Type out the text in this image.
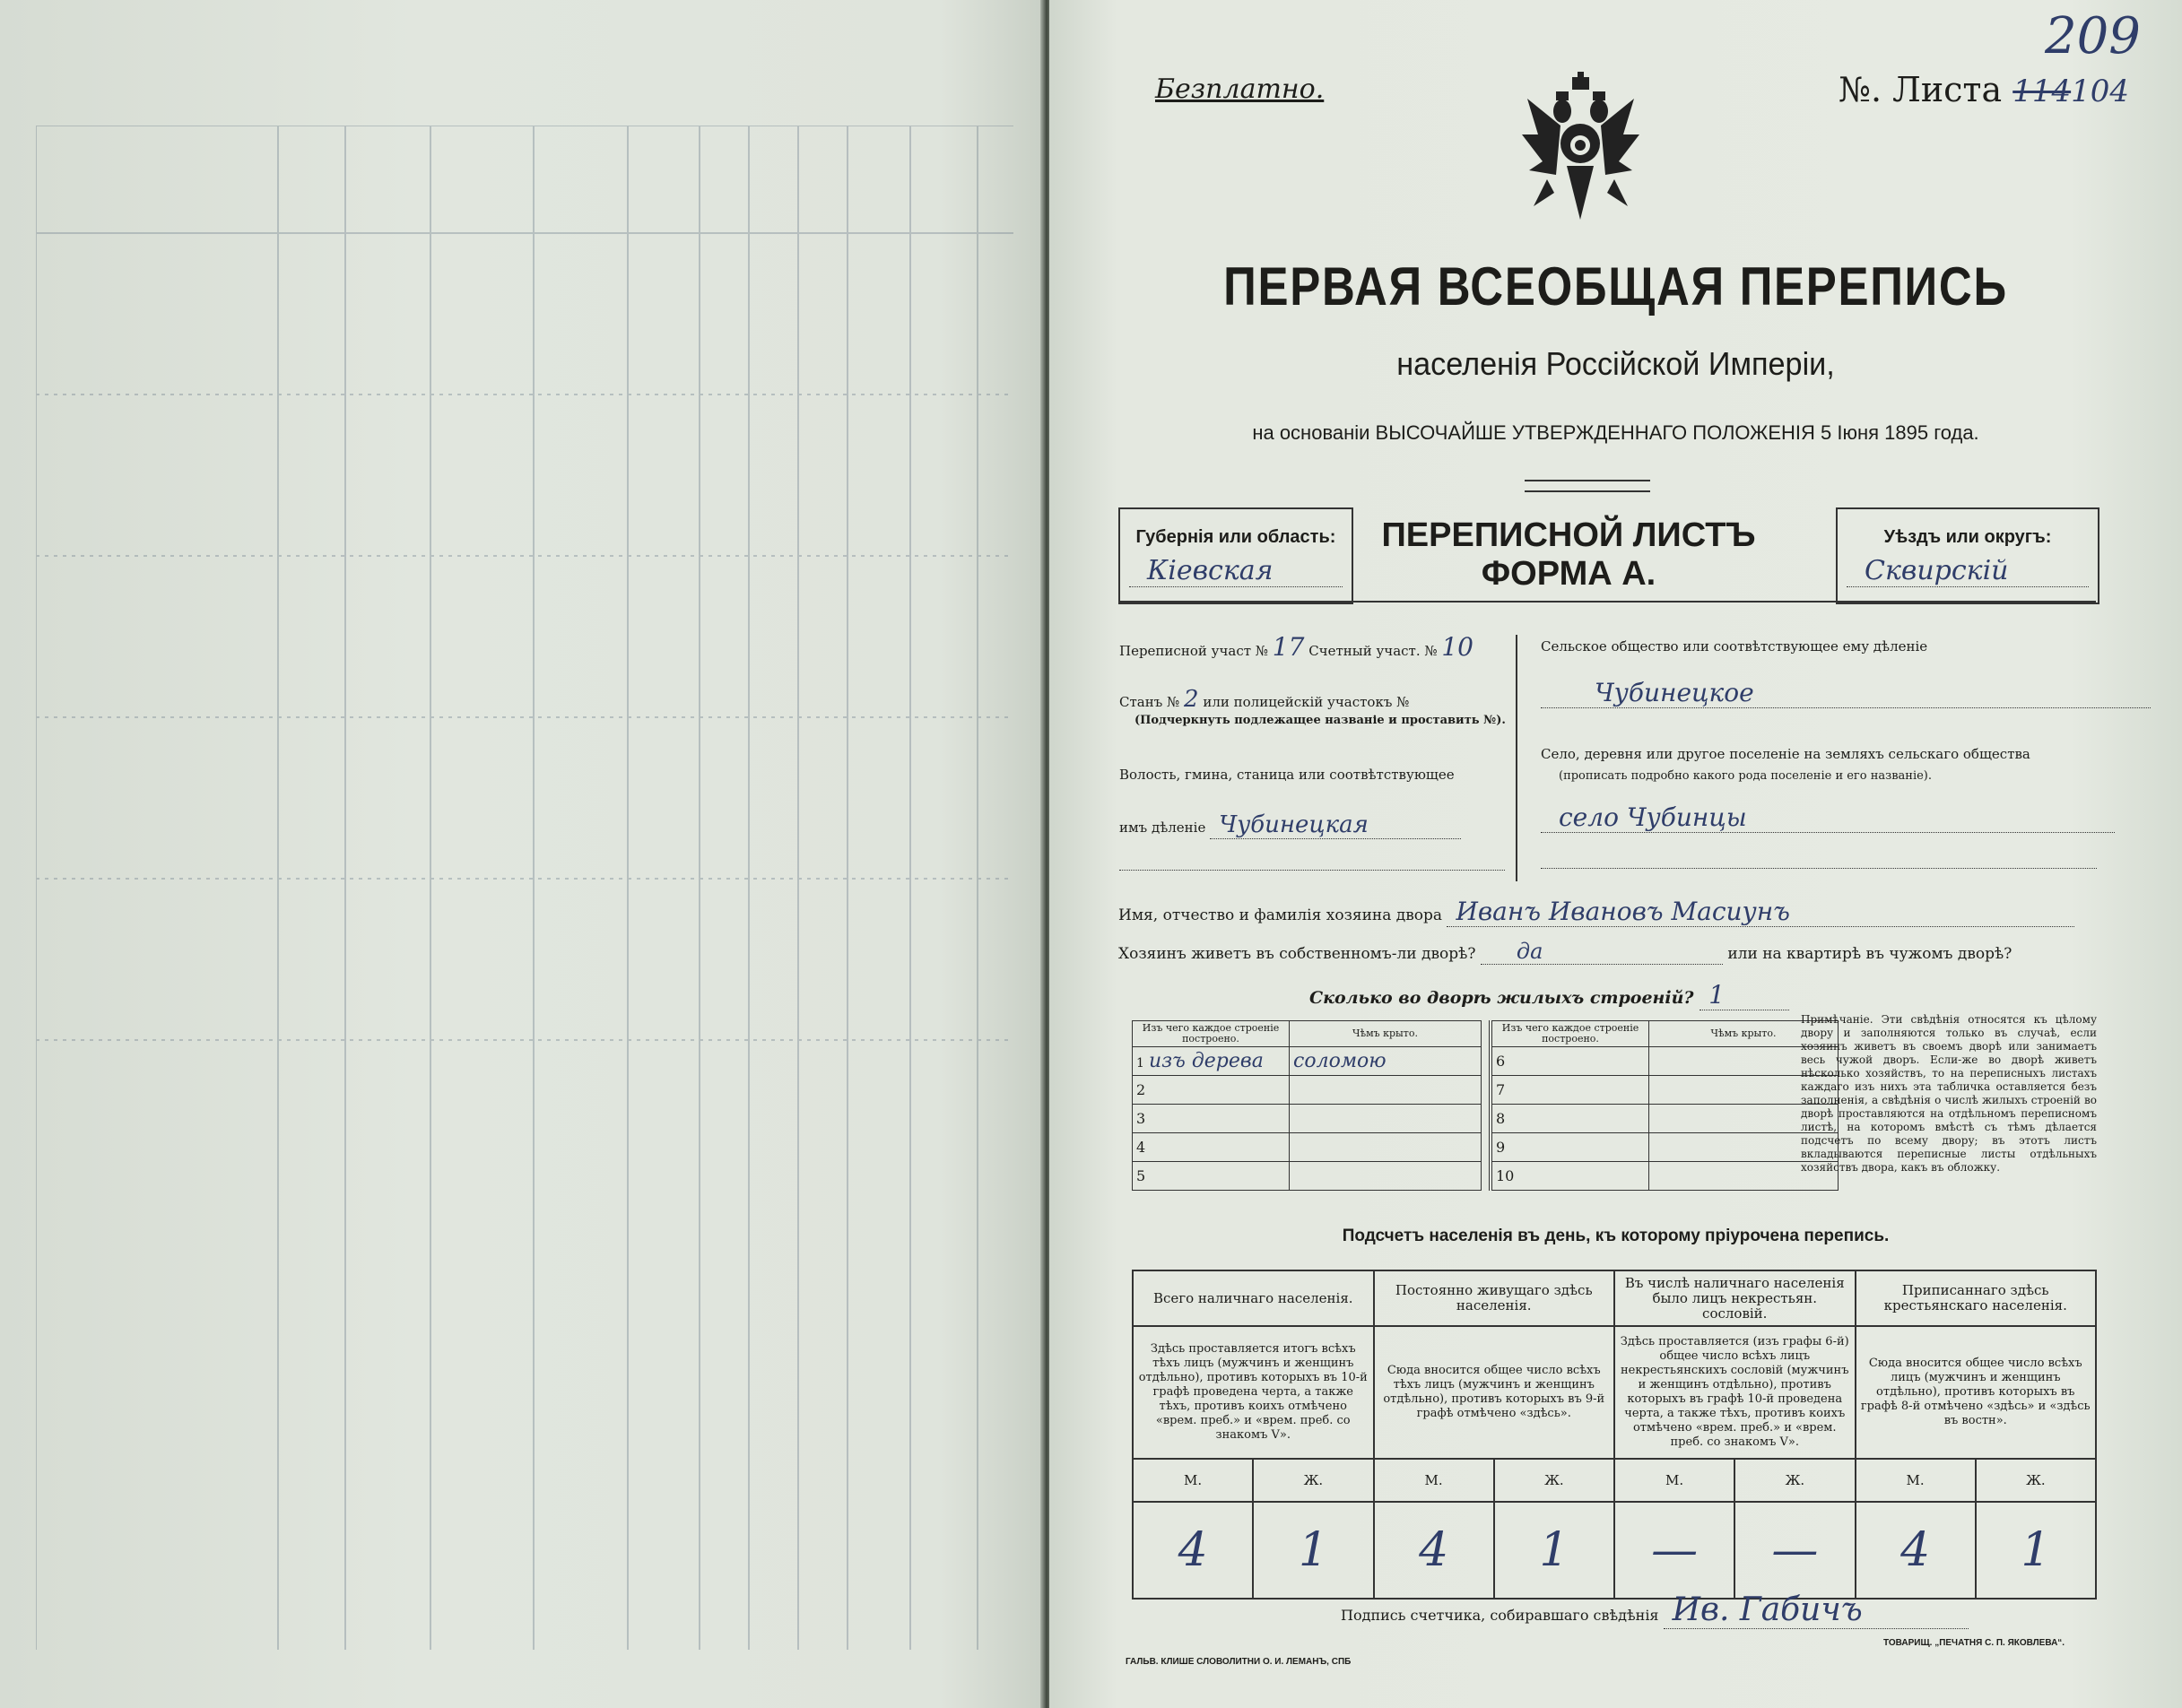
209
Безплатно.	№. Листа 114104
ПЕРВАЯ ВСЕОБЩАЯ ПЕРЕПИСЬ
населенія Россійской Имперіи,
на основаніи ВЫСОЧАЙШЕ УТВЕРЖДЕННАГО ПОЛОЖЕНІЯ 5 Іюня 1895 года.
Губернія или область:
Кіевская
ПЕРЕПИСНОЙ ЛИСТЪ
ФОРМА А.
Уѣздъ или округъ:
Сквирскій
Переписной участ № 17 Счетный участ. № 10
Станъ № 2 или полицейскій участокъ №
(Подчеркнуть подлежащее названіе и проставить №).
Волость, гмина, станица или соотвѣтствующее
имъ дѣленіе Чубинецкая
Сельское общество или соотвѣтствующее ему дѣленіе
Чубинецкое
Село, деревня или другое поселеніе на земляхъ сельскаго общества
(прописать подробно какого рода поселеніе и его названіе).
село Чубинцы
Имя, отчество и фамилія хозяина двора Иванъ Ивановъ Масиунъ
Хозяинъ живетъ въ собственномъ-ли дворѣ? да	или на квартирѣ въ чужомъ дворѣ?
Сколько во дворѣ жилыхъ строеній? 1
Изъ чего каждое строеніе построено.	Чѣмъ крыто.
1 изъ дерева	соломою
2	
3	
4	
5	
Изъ чего каждое строеніе построено.	Чѣмъ крыто.
6	
7	
8	
9	
10	
Примѣчаніе. Эти свѣдѣнія относятся къ цѣлому двору и заполняются только въ случаѣ, если хозяинъ живетъ въ своемъ дворѣ или занимаетъ весь чужой дворъ. Если-же во дворѣ живетъ нѣсколько хозяйствъ, то на переписныхъ листахъ каждаго изъ нихъ эта табличка оставляется безъ заполненія, а свѣдѣнія о числѣ жилыхъ строеній во дворѣ проставляются на отдѣльномъ переписномъ листѣ, на которомъ вмѣстѣ съ тѣмъ дѣлается подсчетъ по всему двору; въ этотъ листъ вкладываются переписные листы отдѣльныхъ хозяйствъ двора, какъ въ обложку.
Подсчетъ населенія въ день, къ которому пріурочена перепись.
Всего наличнаго населенія.		Постоянно живущаго здѣсь населенія.		Въ числѣ наличнаго населенія было лицъ некрестьян. сословій.		Приписаннаго здѣсь крестьянскаго населенія.	
Здѣсь проставляется итогъ всѣхъ тѣхъ лицъ (мужчинъ и женщинъ отдѣльно), противъ которыхъ въ 10-й графѣ проведена черта, а также тѣхъ, противъ коихъ отмѣчено «врем. преб.» и «врем. преб. со знакомъ V».		Сюда вносится общее число всѣхъ тѣхъ лицъ (мужчинъ и женщинъ отдѣльно), противъ которыхъ въ 9-й графѣ отмѣчено «здѣсь».		Здѣсь проставляется (изъ графы 6-й) общее число всѣхъ лицъ некрестьянскихъ сословій (мужчинъ и женщинъ отдѣльно), противъ которыхъ въ графѣ 10-й проведена черта, а также тѣхъ, противъ коихъ отмѣчено «врем. преб.» и «врем. преб. со знакомъ V».		Сюда вносится общее число всѣхъ лицъ (мужчинъ и женщинъ отдѣльно), противъ которыхъ въ графѣ 8-й отмѣчено «здѣсь» и «здѣсь въ востн».	
М.	Ж.	М.	Ж.	М.	Ж.	М.	Ж.
4	1	4	1	—	—	4	1
Подпись счетчика, собиравшаго свѣдѣнія Ив. Габичъ
ГАЛЬВ. КЛИШЕ СЛОВОЛИТНИ О. И. ЛЕМАНЪ, СПБ
ТОВАРИЩ. „ПЕЧАТНЯ С. П. ЯКОВЛЕВА“.
